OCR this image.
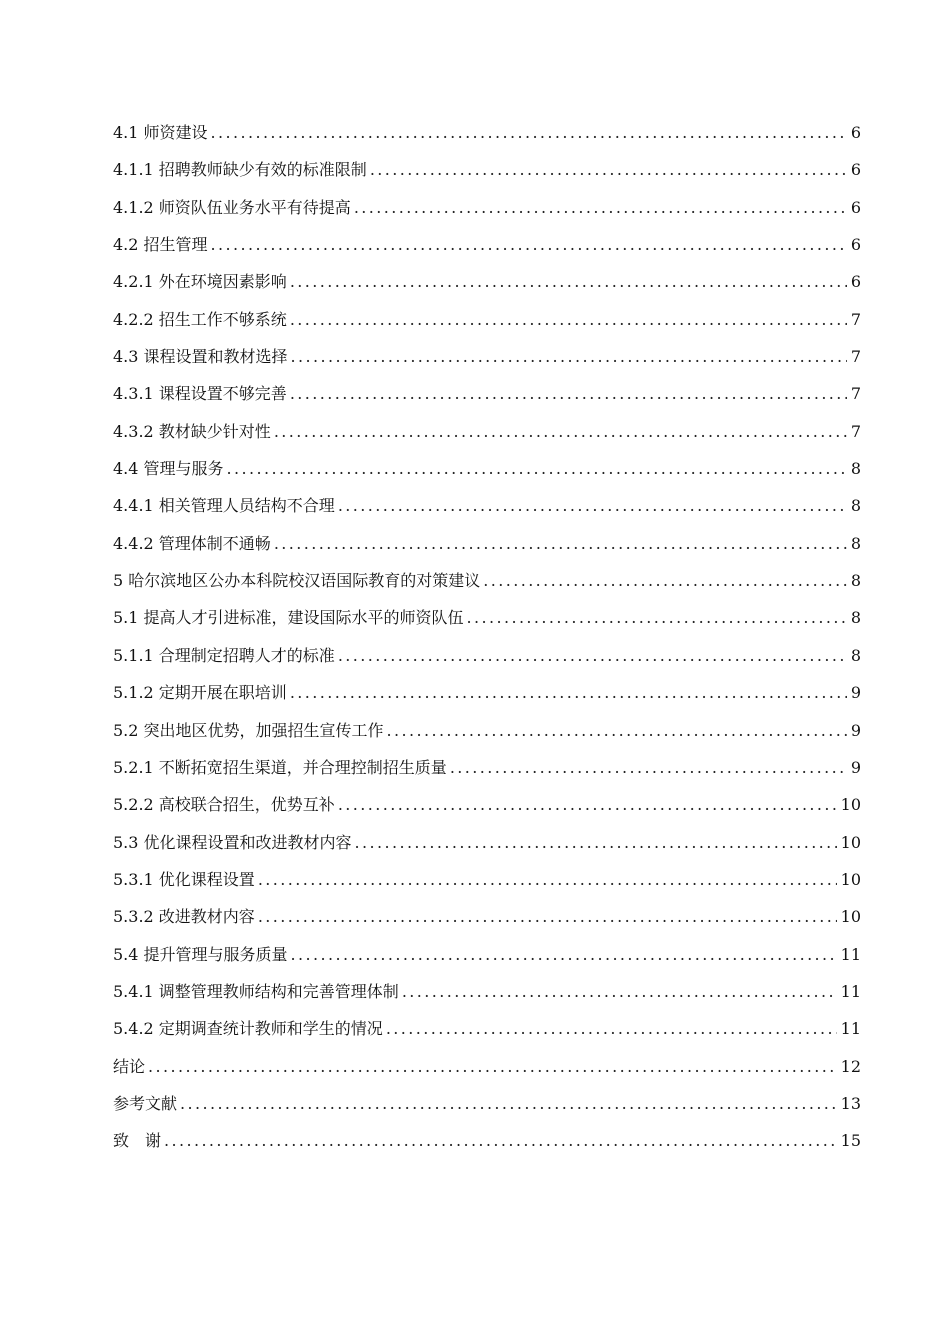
4.1 师资建设 .....	6
4.1.1 招聘教师缺少有效的标准限制 .....	6
4.1.2 师资队伍业务水平有待提高 .....	6
4.2 招生管理 .....	6
4.2.1 外在环境因素影响 .....	6
4.2.2 招生工作不够系统 .....	7
4.3 课程设置和教材选择 .....	7
4.3.1 课程设置不够完善 .....	7
4.3.2 教材缺少针对性 .....	7
4.4 管理与服务 .....	8
4.4.1 相关管理人员结构不合理 .....	8
4.4.2 管理体制不通畅 .....	8
5 哈尔滨地区公办本科院校汉语国际教育的对策建议 .....	8
5.1 提高人才引进标准，建设国际水平的师资队伍 .....	8
5.1.1 合理制定招聘人才的标准 .....	8
5.1.2 定期开展在职培训 .....	9
5.2 突出地区优势，加强招生宣传工作 .....	9
5.2.1 不断拓宽招生渠道，并合理控制招生质量 .....	9
5.2.2 高校联合招生，优势互补 .....	10
5.3 优化课程设置和改进教材内容 .....	10
5.3.1 优化课程设置 .....	10
5.3.2 改进教材内容 .....	10
5.4 提升管理与服务质量 .....	11
5.4.1 调整管理教师结构和完善管理体制 .....	11
5.4.2 定期调查统计教师和学生的情况 .....	11
结论 .....	12
参考文献 .....	13
致　谢 .....	15
